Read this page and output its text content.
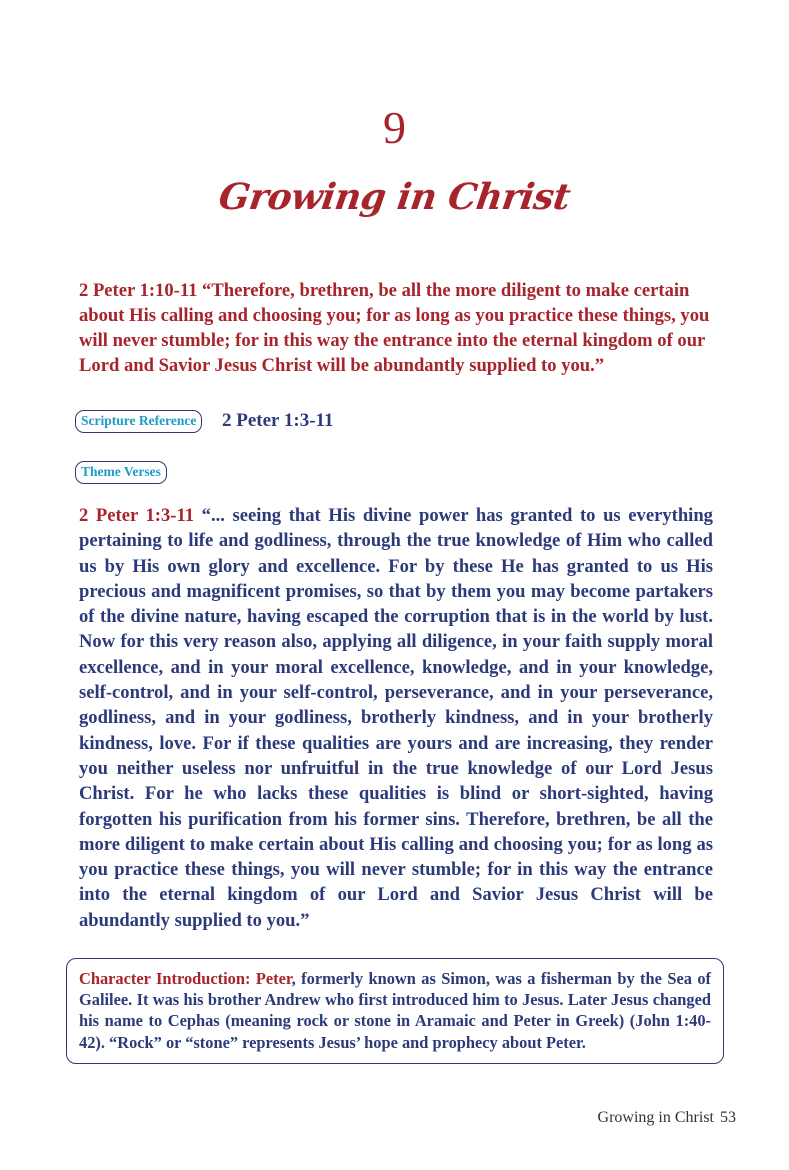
9
Growing in Christ
2 Peter 1:10-11 “Therefore, brethren, be all the more diligent to make certain about His calling and choosing you; for as long as you practice these things, you will never stumble; for in this way the entrance into the eternal kingdom of our Lord and Savior Jesus Christ will be abundantly supplied to you.”
Scripture Reference	2 Peter 1:3-11
Theme Verses
2 Peter 1:3-11 “... seeing that His divine power has granted to us everything pertaining to life and godliness, through the true knowledge of Him who called us by His own glory and excellence. For by these He has granted to us His precious and magnificent promises, so that by them you may become partakers of the divine nature, having escaped the corruption that is in the world by lust. Now for this very reason also, applying all diligence, in your faith supply moral excellence, and in your moral excellence, knowledge, and in your knowledge, self-control, and in your self-control, perseverance, and in your perseverance, godliness, and in your godliness, brotherly kindness, and in your brotherly kindness, love. For if these qualities are yours and are increasing, they render you neither useless nor unfruitful in the true knowledge of our Lord Jesus Christ. For he who lacks these qualities is blind or short-sighted, having forgotten his purification from his former sins. Therefore, brethren, be all the more diligent to make certain about His calling and choosing you; for as long as you practice these things, you will never stumble; for in this way the entrance into the eternal kingdom of our Lord and Savior Jesus Christ will be abundantly supplied to you.”
Character Introduction: Peter, formerly known as Simon, was a fisherman by the Sea of Galilee. It was his brother Andrew who first introduced him to Jesus. Later Jesus changed his name to Cephas (meaning rock or stone in Aramaic and Peter in Greek) (John 1:40-42). “Rock” or “stone” represents Jesus’ hope and prophecy about Peter.
Growing in Christ 53
